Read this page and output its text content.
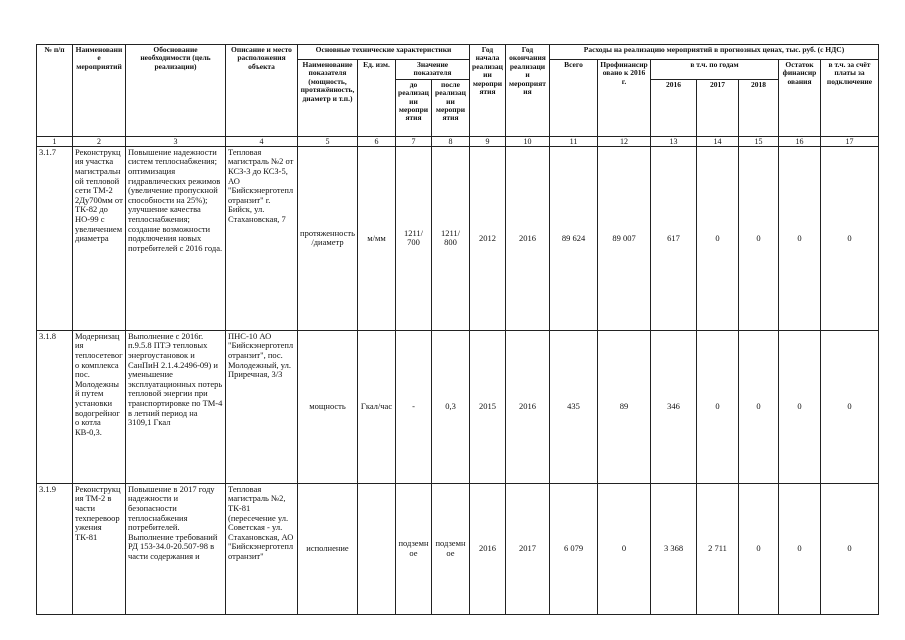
№ п/п	Наименование мероприятий	Обоснование необходимости (цель реализации)	Описание и место расположения объекта	Основные технические характеристики				Год начала реализации мероприятия	Год окончания реализации мероприятия	Расходы на реализацию мероприятий в прогнозных ценах, тыс. руб. (с НДС)						
				Наименование показателя (мощность, протяжённость, диаметр и т.п.)	Ед. изм.	Значение показателя				Всего	Профинансировано к 2016 г.	в т.ч. по годам			Остаток финансирования	в т.ч. за счёт платы за подключение
						до реализации мероприятия	после реализации мероприятия					2016	2017	2018		
1	2	3	4	5	6	7	8	9	10	11	12	13	14	15	16	17
3.1.7	Реконструкция участка магистральной тепловой сети ТМ-2 2Ду700мм от ТК-82 до НО-99 с увеличением диаметра	Повышение надежности систем теплоснабжения; оптимизация гидравлических режимов (увеличение пропускной способности на 25%); улучшение качества теплоснабжения; создание возможности подключения новых потребителей с 2016 года.	Тепловая магистраль №2 от КСЗ-3 до КСЗ-5, АО "Бийскэнерготеплотранзит" г. Бийск, ул. Стахановская, 7	протяженность/диаметр	м/мм	1211/ 700	1211/ 800	2012	2016	89 624	89 007	617	0	0	0	0
3.1.8	Модернизация теплосетевого комплекса пос. Молодежный путем установки водогрейного котла КВ-0,3.	Выполнение с 2016г. п.9.5.8 ПТЭ тепловых энергоустановок и СанПиН 2.1.4.2496-09) и уменьшение эксплуатационных потерь тепловой энергии при транспортировке по ТМ-4 в летний период на 3109,1 Гкал	ПНС-10 АО "Бийскэнерготеплотранзит", пос. Молодежный, ул. Приречная, 3/3	мощность	Гкал/час	-	0,3	2015	2016	435	89	346	0	0	0	0
3.1.9	Реконструкция ТМ-2 в части техперевооружения ТК-81	Повышение в 2017 году надежности и безопасности теплоснабжения потребителей. Выполнение требований РД 153-34.0-20.507-98 в части содержания и	Тепловая магистраль №2, ТК-81 (пересечение ул. Советская - ул. Стахановская, АО "Бийскэнерготеплотранзит"	исполнение		подземное	подземное	2016	2017	6 079	0	3 368	2 711	0	0	0
